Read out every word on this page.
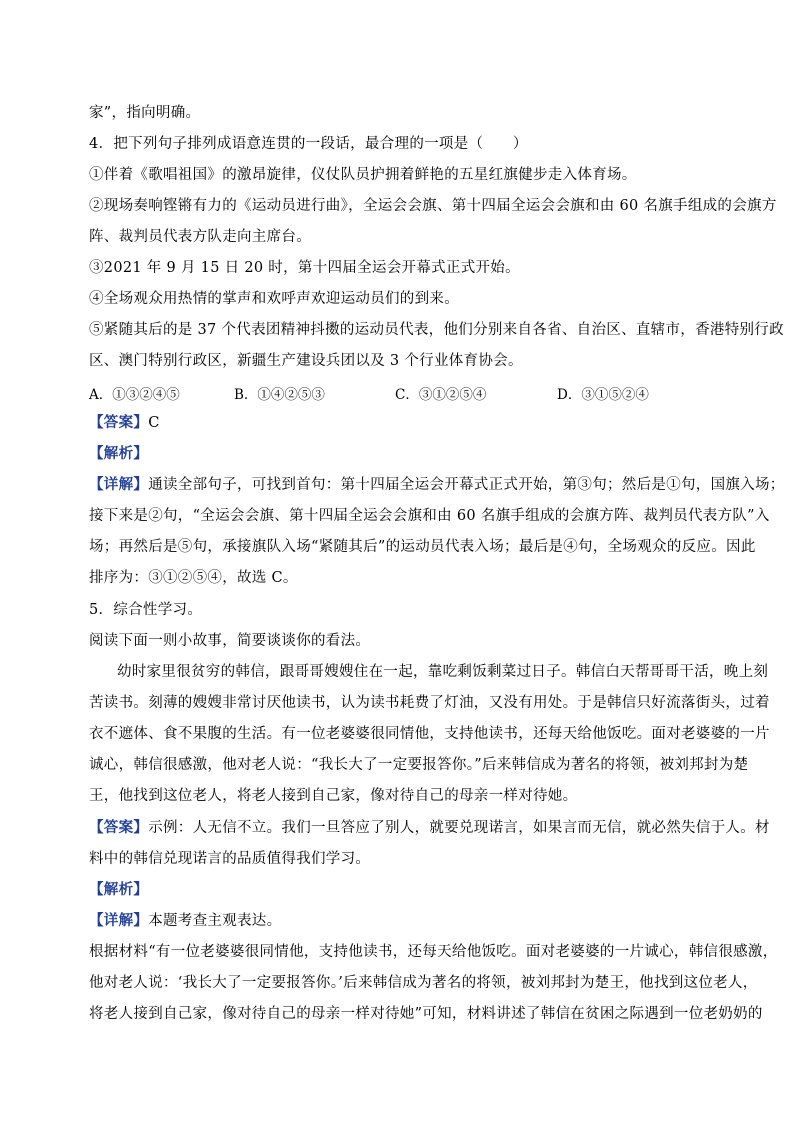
家”，指向明确。
4．把下列句子排列成语意连贯的一段话，最合理的一项是（　　）
①伴着《歌唱祖国》的激昂旋律，仪仗队员护拥着鲜艳的五星红旗健步走入体育场。
②现场奏响铿锵有力的《运动员进行曲》，全运会会旗、第十四届全运会会旗和由 60 名旗手组成的会旗方
阵、裁判员代表方队走向主席台。
③2021 年 9 月 15 日 20 时，第十四届全运会开幕式正式开始。
④全场观众用热情的掌声和欢呼声欢迎运动员们的到来。
⑤紧随其后的是 37 个代表团精神抖擞的运动员代表，他们分别来自各省、自治区、直辖市，香港特别行政
区、澳门特别行政区，新疆生产建设兵团以及 3 个行业体育协会。
A．①③②④⑤	B．①④②⑤③	C．③①②⑤④	D．③①⑤②④
【答案】C
【解析】
【详解】通读全部句子，可找到首句：第十四届全运会开幕式正式开始，第③句；然后是①句，国旗入场；
接下来是②句，“全运会会旗、第十四届全运会会旗和由 60 名旗手组成的会旗方阵、裁判员代表方队”入
场；再然后是⑤句，承接旗队入场“紧随其后”的运动员代表入场；最后是④句，全场观众的反应。因此
排序为：③①②⑤④，故选 C。
5．综合性学习。
阅读下面一则小故事，简要谈谈你的看法。
幼时家里很贫穷的韩信，跟哥哥嫂嫂住在一起，靠吃剩饭剩菜过日子。韩信白天帮哥哥干活，晚上刻
苦读书。刻薄的嫂嫂非常讨厌他读书，认为读书耗费了灯油，又没有用处。于是韩信只好流落街头，过着
衣不遮体、食不果腹的生活。有一位老婆婆很同情他，支持他读书，还每天给他饭吃。面对老婆婆的一片
诚心，韩信很感激，他对老人说：“我长大了一定要报答你。”后来韩信成为著名的将领，被刘邦封为楚
王，他找到这位老人，将老人接到自己家，像对待自己的母亲一样对待她。
【答案】示例：人无信不立。我们一旦答应了别人，就要兑现诺言，如果言而无信，就必然失信于人。材
料中的韩信兑现诺言的品质值得我们学习。
【解析】
【详解】本题考查主观表达。
根据材料“有一位老婆婆很同情他，支持他读书，还每天给他饭吃。面对老婆婆的一片诚心，韩信很感激，
他对老人说：‘我长大了一定要报答你。’后来韩信成为著名的将领，被刘邦封为楚王，他找到这位老人，
将老人接到自己家，像对待自己的母亲一样对待她”可知，材料讲述了韩信在贫困之际遇到一位老奶奶的
